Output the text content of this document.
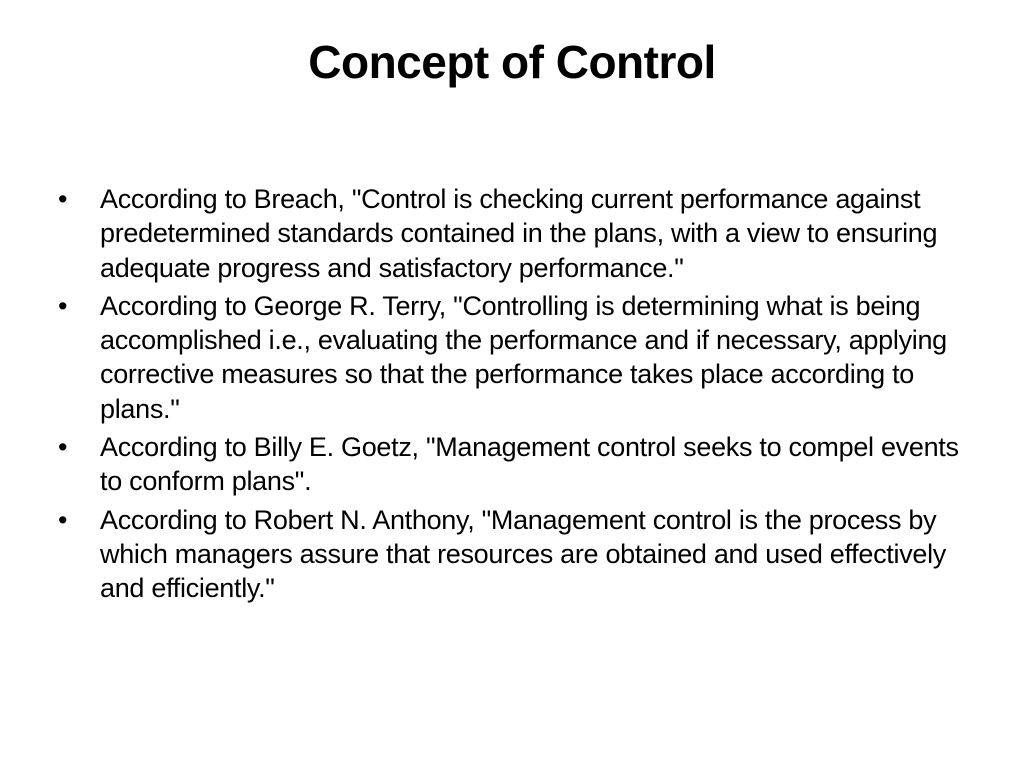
Concept of Control
•	According to Breach, "Control is checking current performance against predetermined standards contained in the plans, with a view to ensuring adequate progress and satisfactory performance."
•	According to George R. Terry, "Controlling is determining what is being accomplished i.e., evaluating the performance and if necessary, applying corrective measures so that the performance takes place according to plans."
•	According to Billy E. Goetz, "Management control seeks to compel events to conform plans".
•	According to Robert N. Anthony, "Management control is the process by which managers assure that resources are obtained and used effectively and efficiently."
